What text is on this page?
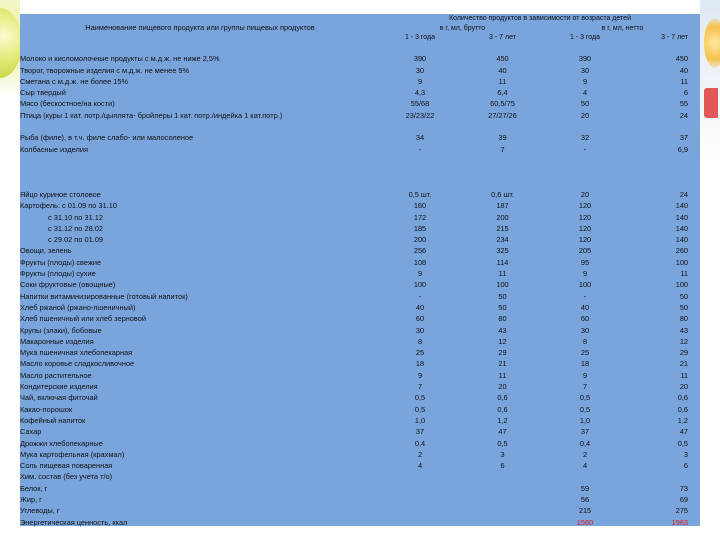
Наименование пищевого продукта или группы пищевых продуктов	Количество продуктов в зависимости от возраста детей			
	в г, мл, брутто		в г, мл, нетто	
	1 - 3 года	3 - 7 лет	1 - 3 года	3 - 7 лет

Молоко и кисломолочные продукты с м.д.ж. не ниже 2,5%	390	450	390	450
Творог, творожные изделия с м.д.ж. не менее 5%	30	40	30	40
Сметана с м.д.ж. не более 15%	9	11	9	11
Сыр твердый	4,3	6,4	4	6
Мясо (бескостное/на кости)	55/68	60,5/75	50	55
Птица (куры 1 кат. потр./цыплята- бройлеры 1 кат. потр./индейка 1 кат.потр.)	23/23/22	27/27/26	20	24

Рыба (филе), в т.ч. филе слабо- или малосоленое	34	39	32	37
Колбасные изделия	-	7	-	6,9

Яйцо куриное столовое	0,5 шт.	0,6 шт.	20	24
Картофель: с 01.09 по 31.10	160	187	120	140
с 31.10 по 31.12	172	200	120	140
с 31.12 по 28.02	185	215	120	140
с 29.02 по 01.09	200	234	120	140
Овощи, зелень	256	325	205	260
Фрукты (плоды) свежие	108	114	95	100
Фрукты (плоды) сухие	9	11	9	11
Соки фруктовые (овощные)	100	100	100	100
Напитки витаминизированные (готовый напиток)	-	50	-	50
Хлеб ржаной (ржано-пшеничный)	40	50	40	50
Хлеб пшеничный или хлеб зерновой	60	80	60	80
Крупы (злаки), бобовые	30	43	30	43
Макаронные изделия	8	12	8	12
Мука пшеничная хлебопекарная	25	29	25	29
Масло коровье сладкосливочное	18	21	18	21
Масло растительное	9	11	9	11
Кондитерские изделия	7	20	7	20
Чай, включая фиточай	0,5	0,6	0,5	0,6
Какао-порошок	0,5	0,6	0,5	0,6
Кофейный напиток	1,0	1,2	1,0	1,2
Сахар	37	47	37	47
Дрожжи хлебопекарные	0,4	0,5	0,4	0,5
Мука картофельная (крахмал)	2	3	2	3
Соль пищевая поваренная	4	6	4	6
Хим. состав (без учета т/о)				
Белок, г			59	73
Жир, г			56	69
Углеводы, г			215	275
Энергетическая ценность, ккал			1560	1963
